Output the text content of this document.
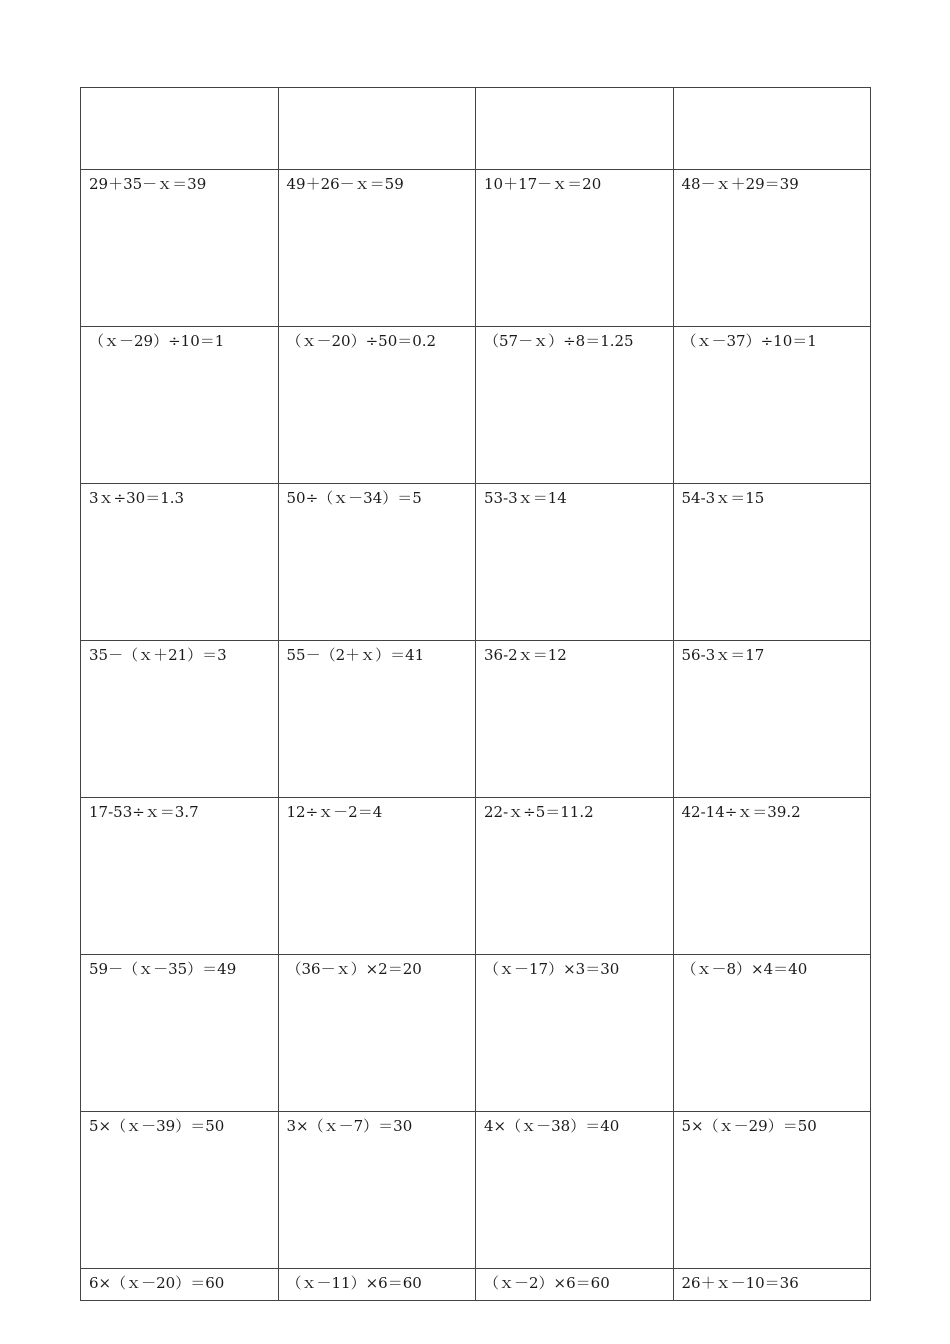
29＋35－ｘ＝39	49＋26－ｘ＝59	10＋17－ｘ＝20	48－ｘ＋29＝39
（ｘ－29）÷10＝1	（ｘ－20）÷50＝0.2	（57－ｘ）÷8＝1.25	（ｘ－37）÷10＝1
3ｘ÷30＝1.3	50÷（ｘ－34）＝5	53-3ｘ＝14	54-3ｘ＝15
35－（ｘ＋21）＝3	55－（2＋ｘ）＝41	36-2ｘ＝12	56-3ｘ＝17
17-53÷ｘ＝3.7	12÷ｘ－2＝4	22-ｘ÷5＝11.2	42-14÷ｘ＝39.2
59－（ｘ－35）＝49	（36－ｘ）×2＝20	（ｘ－17）×3＝30	（ｘ－8）×4＝40
5×（ｘ－39）＝50	3×（ｘ－7）＝30	4×（ｘ－38）＝40	5×（ｘ－29）＝50
6×（ｘ－20）＝60	（ｘ－11）×6＝60	（ｘ－2）×6＝60	26＋ｘ－10＝36
